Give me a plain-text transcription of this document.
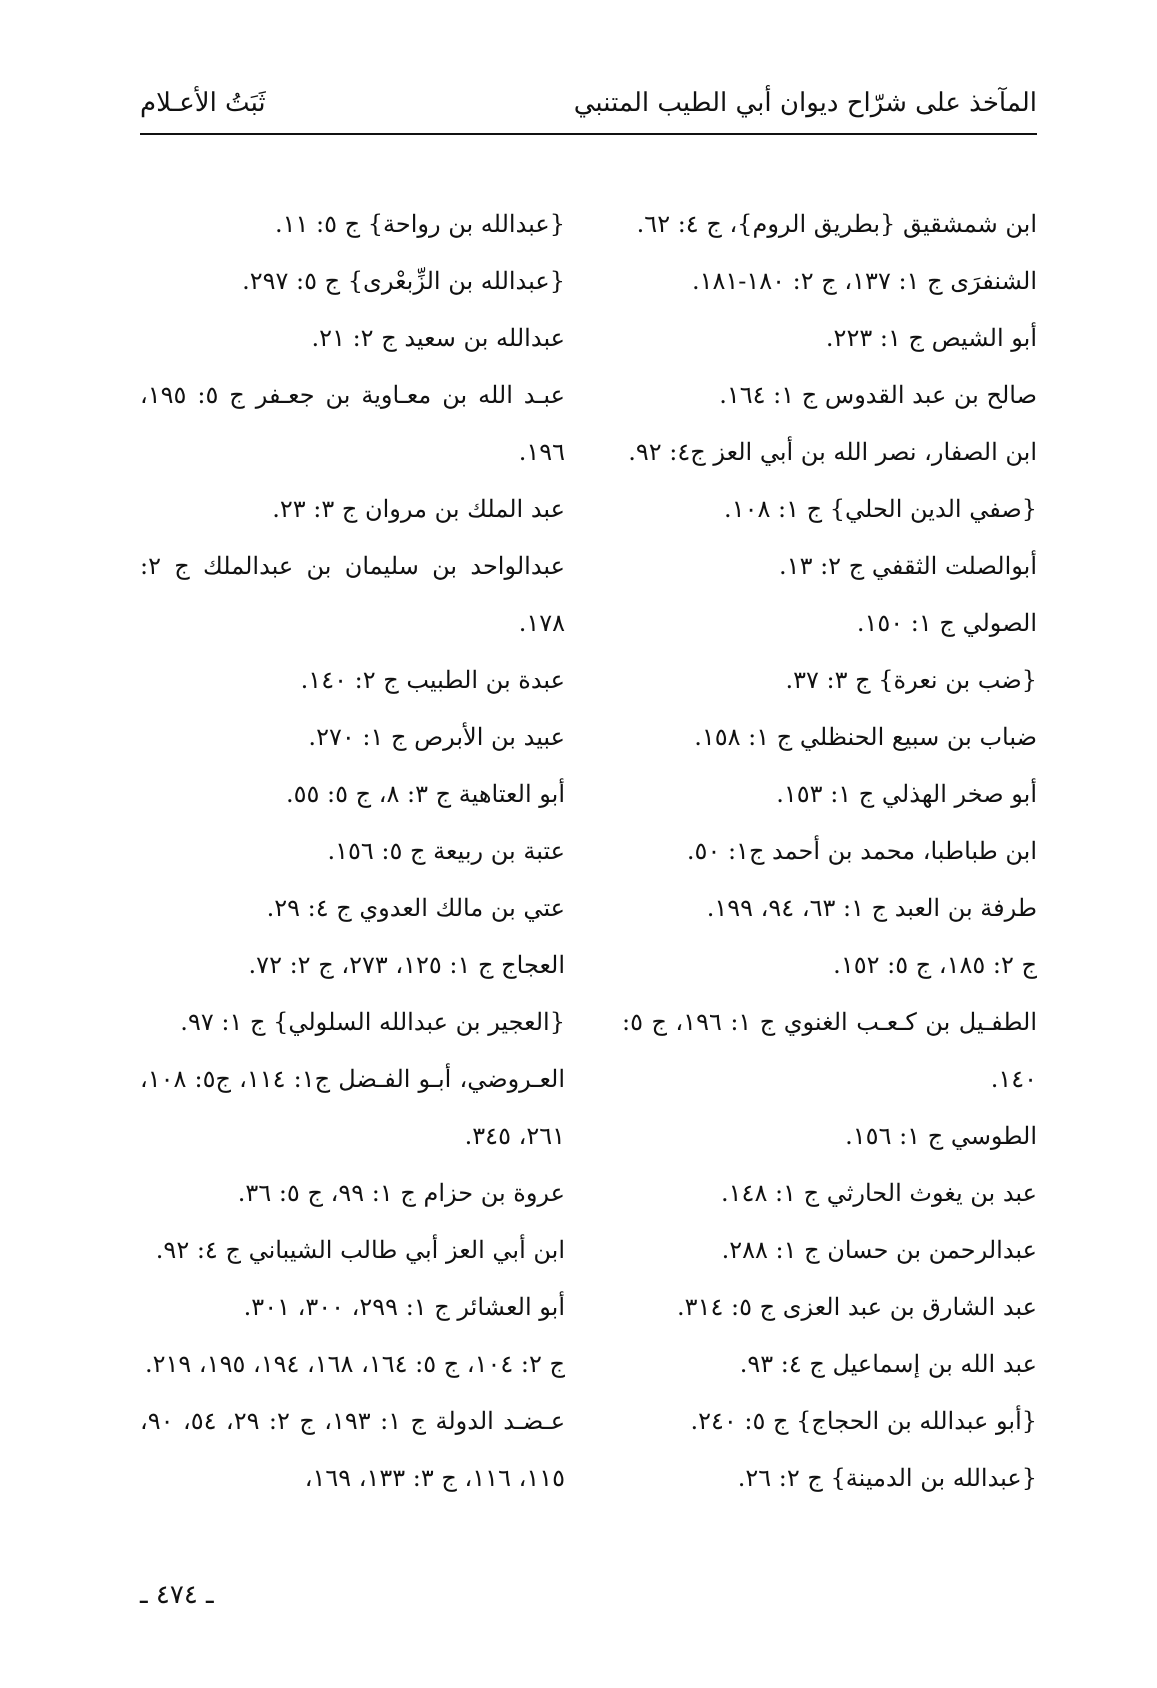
المآخذ على شرّاح ديوان أبي الطيب المتنبي
ثَبَتُ الأعـلام

ابن شمشقيق {بطريق الروم}، ج ٤: ٦٢.

الشنفرَى ج ١: ١٣٧، ج ٢: ١٨٠-١٨١.

أبو الشيص ج ١: ٢٢٣.

صالح بن عبد القدوس ج ١: ١٦٤.

ابن الصفار، نصر الله بن أبي العز ج٤: ٩٢.

{صفي الدين الحلي} ج ١: ١٠٨.

أبوالصلت الثقفي ج ٢: ١٣.

الصولي ج ١: ١٥٠.

{ضب بن نعرة} ج ٣: ٣٧.

ضباب بن سبيع الحنظلي ج ١: ١٥٨.

أبو صخر الهذلي ج ١: ١٥٣.

ابن طباطبا، محمد بن أحمد ج١: ٥٠.

طرفة بن العبد ج ١: ٦٣، ٩٤، ١٩٩.

ج ٢: ١٨٥، ج ٥: ١٥٢.

الطفـيل بن كـعـب الغنوي ج ١: ١٩٦، ج ٥: ١٤٠.

الطوسي ج ١: ١٥٦.

عبد بن يغوث الحارثي ج ١: ١٤٨.

عبدالرحمن بن حسان ج ١: ٢٨٨.

عبد الشارق بن عبد العزى ج ٥: ٣١٤.

عبد الله بن إسماعيل ج ٤: ٩٣.

{أبو عبدالله بن الحجاج} ج ٥: ٢٤٠.

{عبدالله بن الدمينة} ج ٢: ٢٦.

{عبدالله بن رواحة} ج ٥: ١١.

{عبدالله بن الزِّبعْرى} ج ٥: ٢٩٧.

عبدالله بن سعيد ج ٢: ٢١.

عبـد الله بن معـاوية بن جعـفر ج ٥: ١٩٥، ١٩٦.

عبد الملك بن مروان ج ٣: ٢٣.

عبدالواحد بن سليمان بن عبدالملك ج ٢: ١٧٨.

عبدة بن الطبيب ج ٢: ١٤٠.

عبيد بن الأبرص ج ١: ٢٧٠.

أبو العتاهية ج ٣: ٨، ج ٥: ٥٥.

عتبة بن ربيعة ج ٥: ١٥٦.

عتي بن مالك العدوي ج ٤: ٢٩.

العجاج ج ١: ١٢٥، ٢٧٣، ج ٢: ٧٢.

{العجير بن عبدالله السلولي} ج ١: ٩٧.

العـروضي، أبـو الفـضل ج١: ١١٤، ج٥: ١٠٨، ٢٦١، ٣٤٥.

عروة بن حزام ج ١: ٩٩، ج ٥: ٣٦.

ابن أبي العز أبي طالب الشيباني ج ٤: ٩٢.

أبو العشائر ج ١: ٢٩٩، ٣٠٠، ٣٠١.

ج ٢: ١٠٤، ج ٥: ١٦٤، ١٦٨، ١٩٤، ١٩٥، ٢١٩.

عـضـد الدولة ج ١: ١٩٣، ج ٢: ٢٩، ٥٤، ٩٠، ١١٥، ١١٦، ج ٣: ١٣٣، ١٦٩،

ـ ٤٧٤ ـ
